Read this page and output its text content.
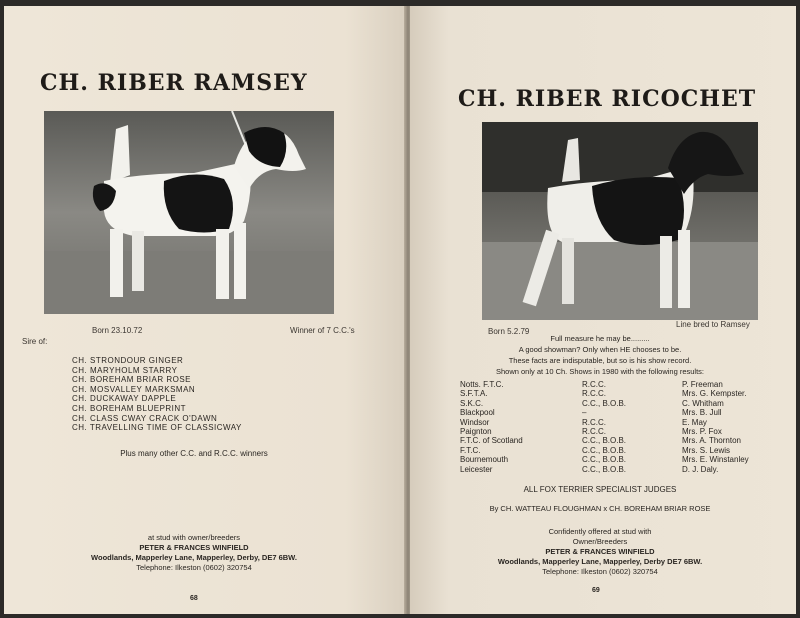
CH. RIBER RAMSEY
Born 23.10.72	Winner of 7 C.C.'s
Sire of:
CH. STRONDOUR GINGER
CH. MARYHOLM STARRY
CH. BOREHAM BRIAR ROSE
CH. MOSVALLEY MARKSMAN
CH. DUCKAWAY DAPPLE
CH. BOREHAM BLUEPRINT
CH. CLASS CWAY CRACK O'DAWN
CH. TRAVELLING TIME OF CLASSICWAY
Plus many other C.C. and R.C.C. winners
at stud with owner/breeders
PETER & FRANCES WINFIELD
Woodlands, Mapperley Lane, Mapperley, Derby, DE7 6BW.
Telephone: Ilkeston (0602) 320754
68
CH. RIBER RICOCHET
Born 5.2.79
Line bred to Ramsey
Full measure he may be.........
A good showman? Only when HE chooses to be.
These facts are indisputable, but so is his show record.
Shown only at 10 Ch. Shows in 1980 with the following results:
Notts. F.T.C.	R.C.C.	P. Freeman
S.F.T.A.	R.C.C.	Mrs. G. Kempster.
S.K.C.	C.C., B.O.B.	C. Whitham
Blackpool	–	Mrs. B. Jull
Windsor	R.C.C.	E. May
Paignton	R.C.C.	Mrs. P. Fox
F.T.C. of Scotland	C.C., B.O.B.	Mrs. A. Thornton
F.T.C.	C.C., B.O.B.	Mrs. S. Lewis
Bournemouth	C.C., B.O.B.	Mrs. E. Winstanley
Leicester	C.C., B.O.B.	D. J. Daly.
ALL FOX TERRIER SPECIALIST JUDGES
By CH. WATTEAU FLOUGHMAN x CH. BOREHAM BRIAR ROSE
Confidently offered at stud with
Owner/Breeders
PETER & FRANCES WINFIELD
Woodlands, Mapperley Lane, Mapperley, Derby DE7 6BW.
Telephone: Ilkeston (0602) 320754
69
